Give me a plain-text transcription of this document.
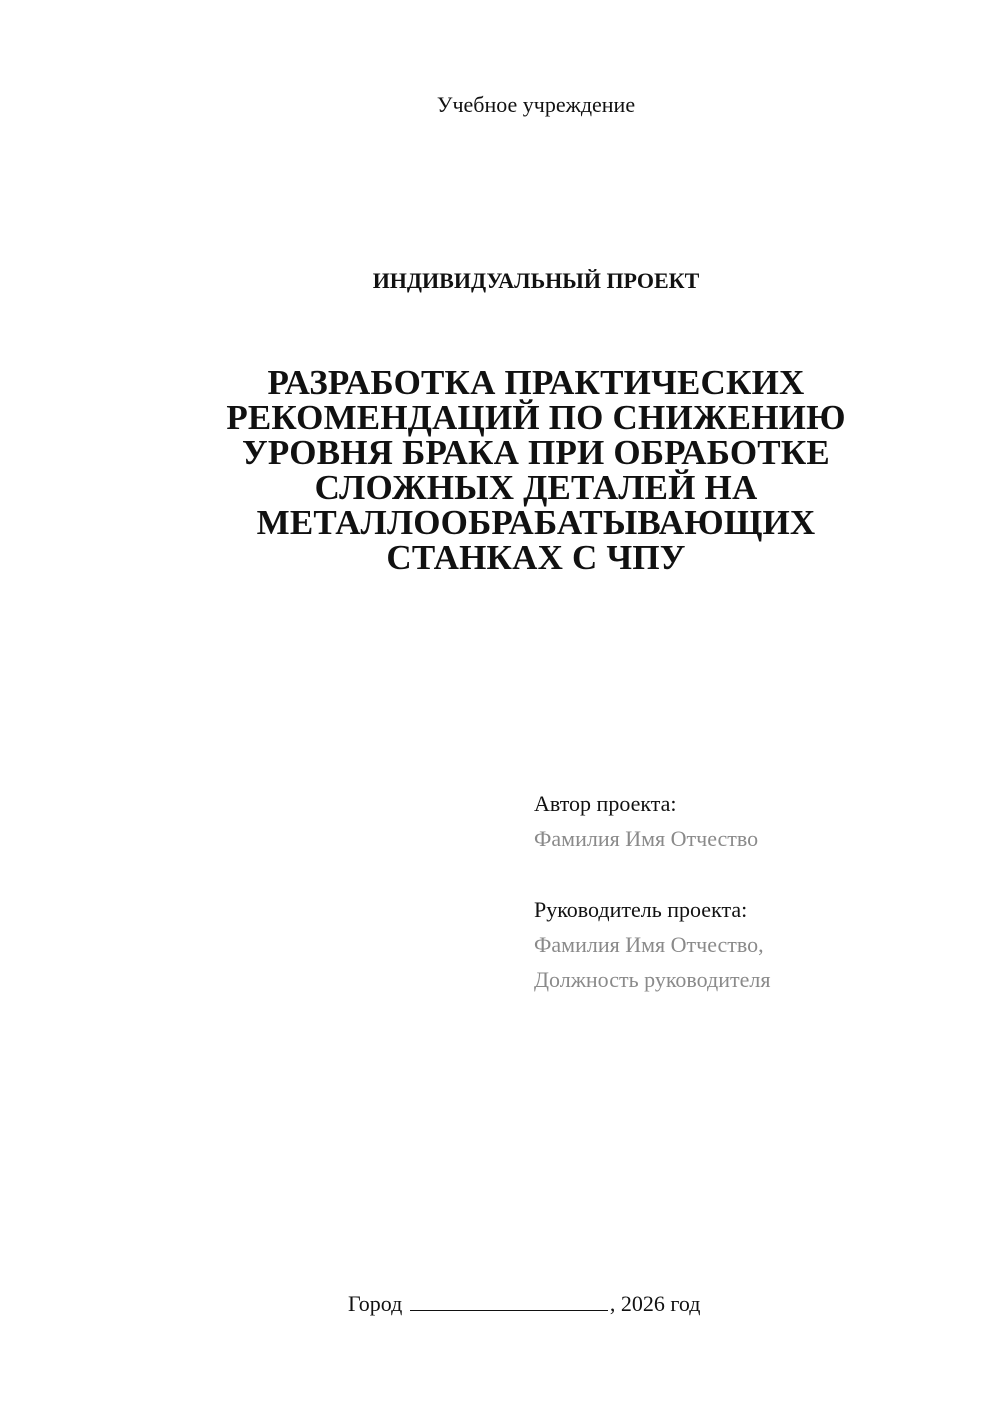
Учебное учреждение
ИНДИВИДУАЛЬНЫЙ ПРОЕКТ
РАЗРАБОТКА ПРАКТИЧЕСКИХ
РЕКОМЕНДАЦИЙ ПО СНИЖЕНИЮ
УРОВНЯ БРАКА ПРИ ОБРАБОТКЕ
СЛОЖНЫХ ДЕТАЛЕЙ НА
МЕТАЛЛООБРАБАТЫВАЮЩИХ
СТАНКАХ С ЧПУ
Автор проекта:
Фамилия Имя Отчество
Руководитель проекта:
Фамилия Имя Отчество,
Должность руководителя
Город	, 2026 год
